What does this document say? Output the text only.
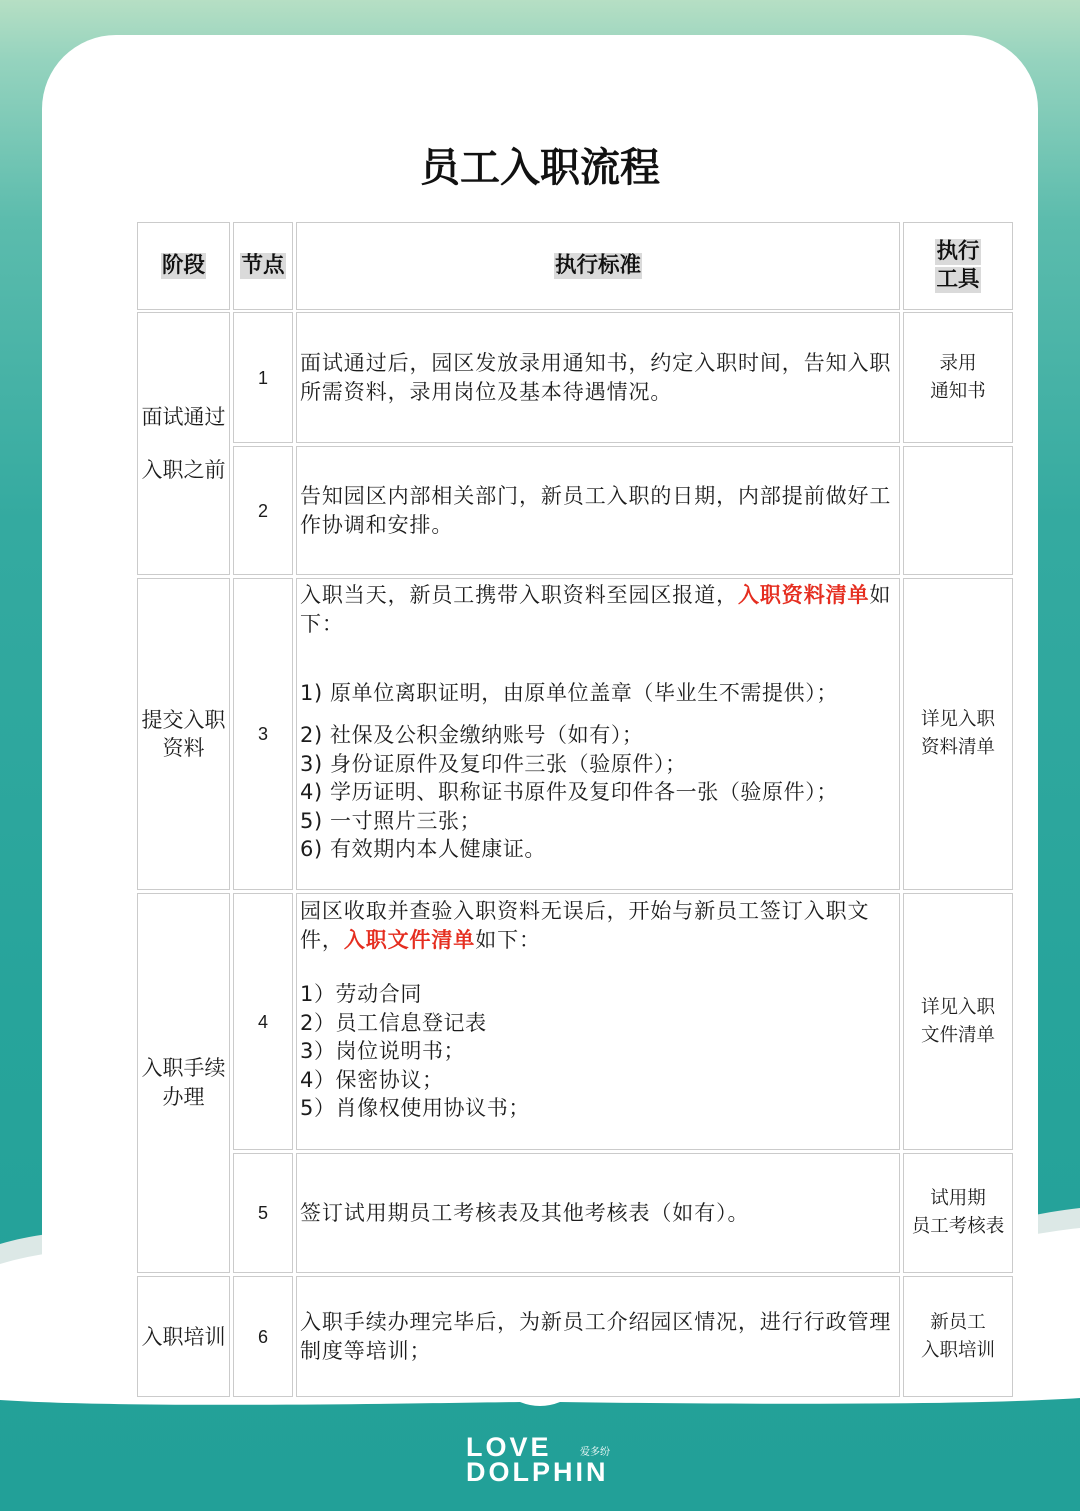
员工入职流程
阶段 节点	执行标准
执行
工具
面试通过
入职之前
提交入职
资料
入职手续
办理
入职培训
1

面试通过后，园区发放录用通知书，约定入职时间，告知入职所需资料，录用岗位及基本待遇情况。

录用
通知书
2

告知园区内部相关部门，新员工入职的日期，内部提前做好工作协调和安排。

3

入职当天，新员工携带入职资料至园区报道，入职资料清单如下：

1) 原单位离职证明，由原单位盖章（毕业生不需提供）；
2) 社保及公积金缴纳账号（如有）；
3) 身份证原件及复印件三张（验原件）；
4) 学历证明、职称证书原件及复印件各一张（验原件）；
5) 一寸照片三张；
6) 有效期内本人健康证。
详见入职
资料清单
4

园区收取并查验入职资料无误后，开始与新员工签订入职文件，入职文件清单如下：

1）劳动合同
2）员工信息登记表
3）岗位说明书；
4）保密协议；
5）肖像权使用协议书；
详见入职
文件清单
5 签订试用期员工考核表及其他考核表（如有）。

试用期
员工考核表
6

入职手续办理完毕后，为新员工介绍园区情况，进行行政管理制度等培训；

新员工
入职培训
LOVE
DOLPHIN
爱多纷
